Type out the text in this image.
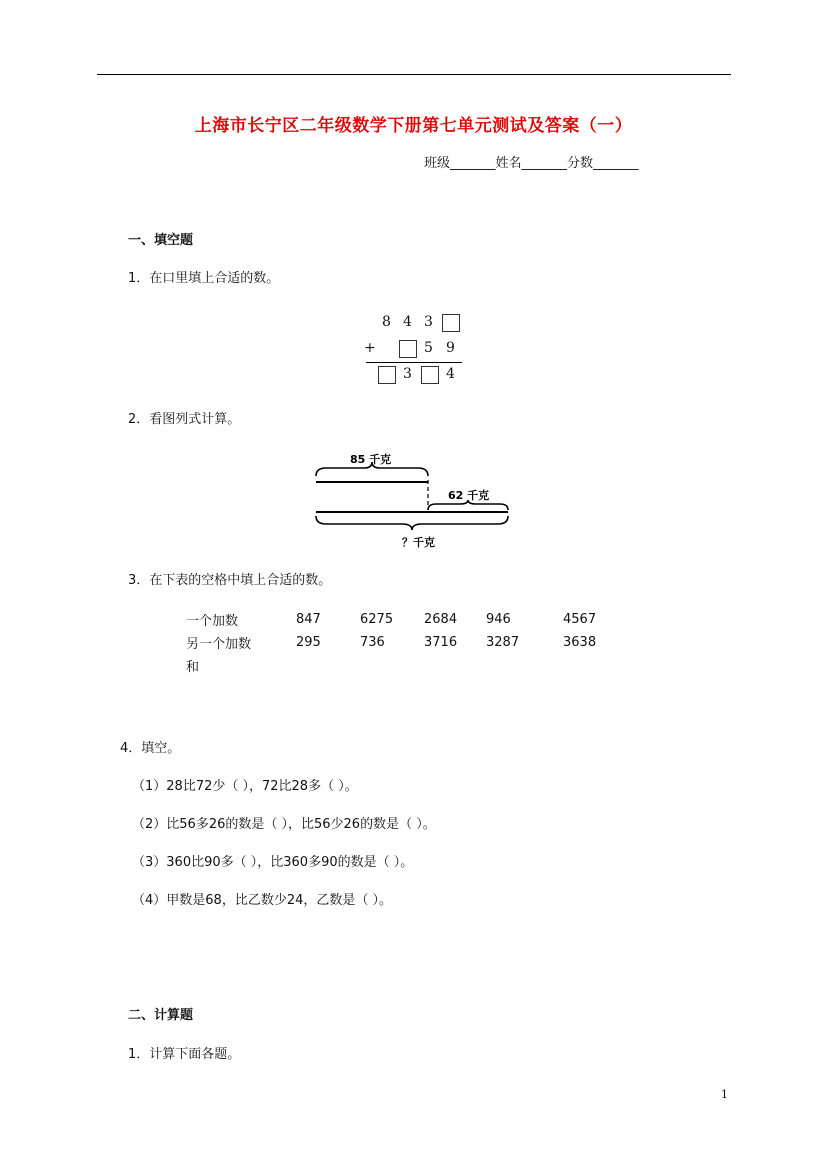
上海市长宁区二年级数学下册第七单元测试及答案（一）
班级_______姓名_______分数_______
一、填空题
1．在口里填上合适的数。
8 4 3
+	5 9
3 4
2．看图列式计算。
85 千克
62 千克
？千克
3．在下表的空格中填上合适的数。
一个加数	847	6275	2684	946	4567
另一个加数	295	736	3716	3287	3638
和					
4．填空。
（1）28比72少（ ），72比28多（ ）。
（2）比56多26的数是（ ），比56少26的数是（ ）。
（3）360比90多（ ），比360多90的数是（ ）。
（4）甲数是68，比乙数少24，乙数是（ ）。
二、计算题
1．计算下面各题。
1
